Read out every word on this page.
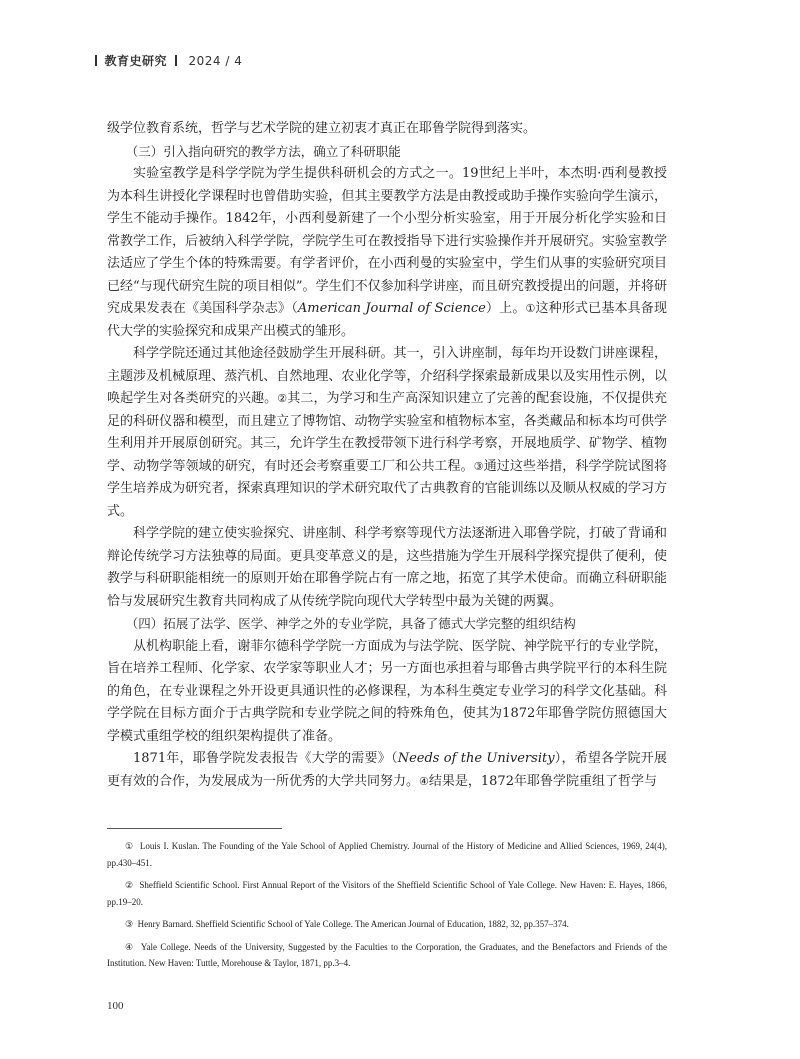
教育史研究 2024 / 4

级学位教育系统，哲学与艺术学院的建立初衷才真正在耶鲁学院得到落实。

（三）引入指向研究的教学方法，确立了科研职能

实验室教学是科学学院为学生提供科研机会的方式之一。19世纪上半叶，本杰明·西利曼教授为本科生讲授化学课程时也曾借助实验，但其主要教学方法是由教授或助手操作实验向学生演示，学生不能动手操作。1842年，小西利曼新建了一个小型分析实验室，用于开展分析化学实验和日常教学工作，后被纳入科学学院，学院学生可在教授指导下进行实验操作并开展研究。实验室教学法适应了学生个体的特殊需要。有学者评价，在小西利曼的实验室中，学生们从事的实验研究项目已经“与现代研究生院的项目相似”。学生们不仅参加科学讲座，而且研究教授提出的问题，并将研究成果发表在《美国科学杂志》（American Journal of Science）上。①这种形式已基本具备现代大学的实验探究和成果产出模式的雏形。

科学学院还通过其他途径鼓励学生开展科研。其一，引入讲座制，每年均开设数门讲座课程，主题涉及机械原理、蒸汽机、自然地理、农业化学等，介绍科学探索最新成果以及实用性示例，以唤起学生对各类研究的兴趣。②其二，为学习和生产高深知识建立了完善的配套设施，不仅提供充足的科研仪器和模型，而且建立了博物馆、动物学实验室和植物标本室，各类藏品和标本均可供学生利用并开展原创研究。其三，允许学生在教授带领下进行科学考察，开展地质学、矿物学、植物学、动物学等领域的研究，有时还会考察重要工厂和公共工程。③通过这些举措，科学学院试图将学生培养成为研究者，探索真理知识的学术研究取代了古典教育的官能训练以及顺从权威的学习方式。

科学学院的建立使实验探究、讲座制、科学考察等现代方法逐渐进入耶鲁学院，打破了背诵和辩论传统学习方法独尊的局面。更具变革意义的是，这些措施为学生开展科学探究提供了便利，使教学与科研职能相统一的原则开始在耶鲁学院占有一席之地，拓宽了其学术使命。而确立科研职能恰与发展研究生教育共同构成了从传统学院向现代大学转型中最为关键的两翼。

（四）拓展了法学、医学、神学之外的专业学院，具备了德式大学完整的组织结构

从机构职能上看，谢菲尔德科学学院一方面成为与法学院、医学院、神学院平行的专业学院，旨在培养工程师、化学家、农学家等职业人才；另一方面也承担着与耶鲁古典学院平行的本科生院的角色，在专业课程之外开设更具通识性的必修课程，为本科生奠定专业学习的科学文化基础。科学学院在目标方面介于古典学院和专业学院之间的特殊角色，使其为1872年耶鲁学院仿照德国大学模式重组学校的组织架构提供了准备。

1871年，耶鲁学院发表报告《大学的需要》（Needs of the University），希望各学院开展更有效的合作，为发展成为一所优秀的大学共同努力。④结果是，1872年耶鲁学院重组了哲学与

① Louis I. Kuslan. The Founding of the Yale School of Applied Chemistry. Journal of the History of Medicine and Allied Sciences, 1969, 24(4), pp.430–451.

② Sheffield Scientific School. First Annual Report of the Visitors of the Sheffield Scientific School of Yale College. New Haven: E. Hayes, 1866, pp.19–20.

③ Henry Barnard. Sheffield Scientific School of Yale College. The American Journal of Education, 1882, 32, pp.357–374.

④ Yale College. Needs of the University, Suggested by the Faculties to the Corporation, the Graduates, and the Benefactors and Friends of the Institution. New Haven: Tuttle, Morehouse & Taylor, 1871, pp.3–4.

100
